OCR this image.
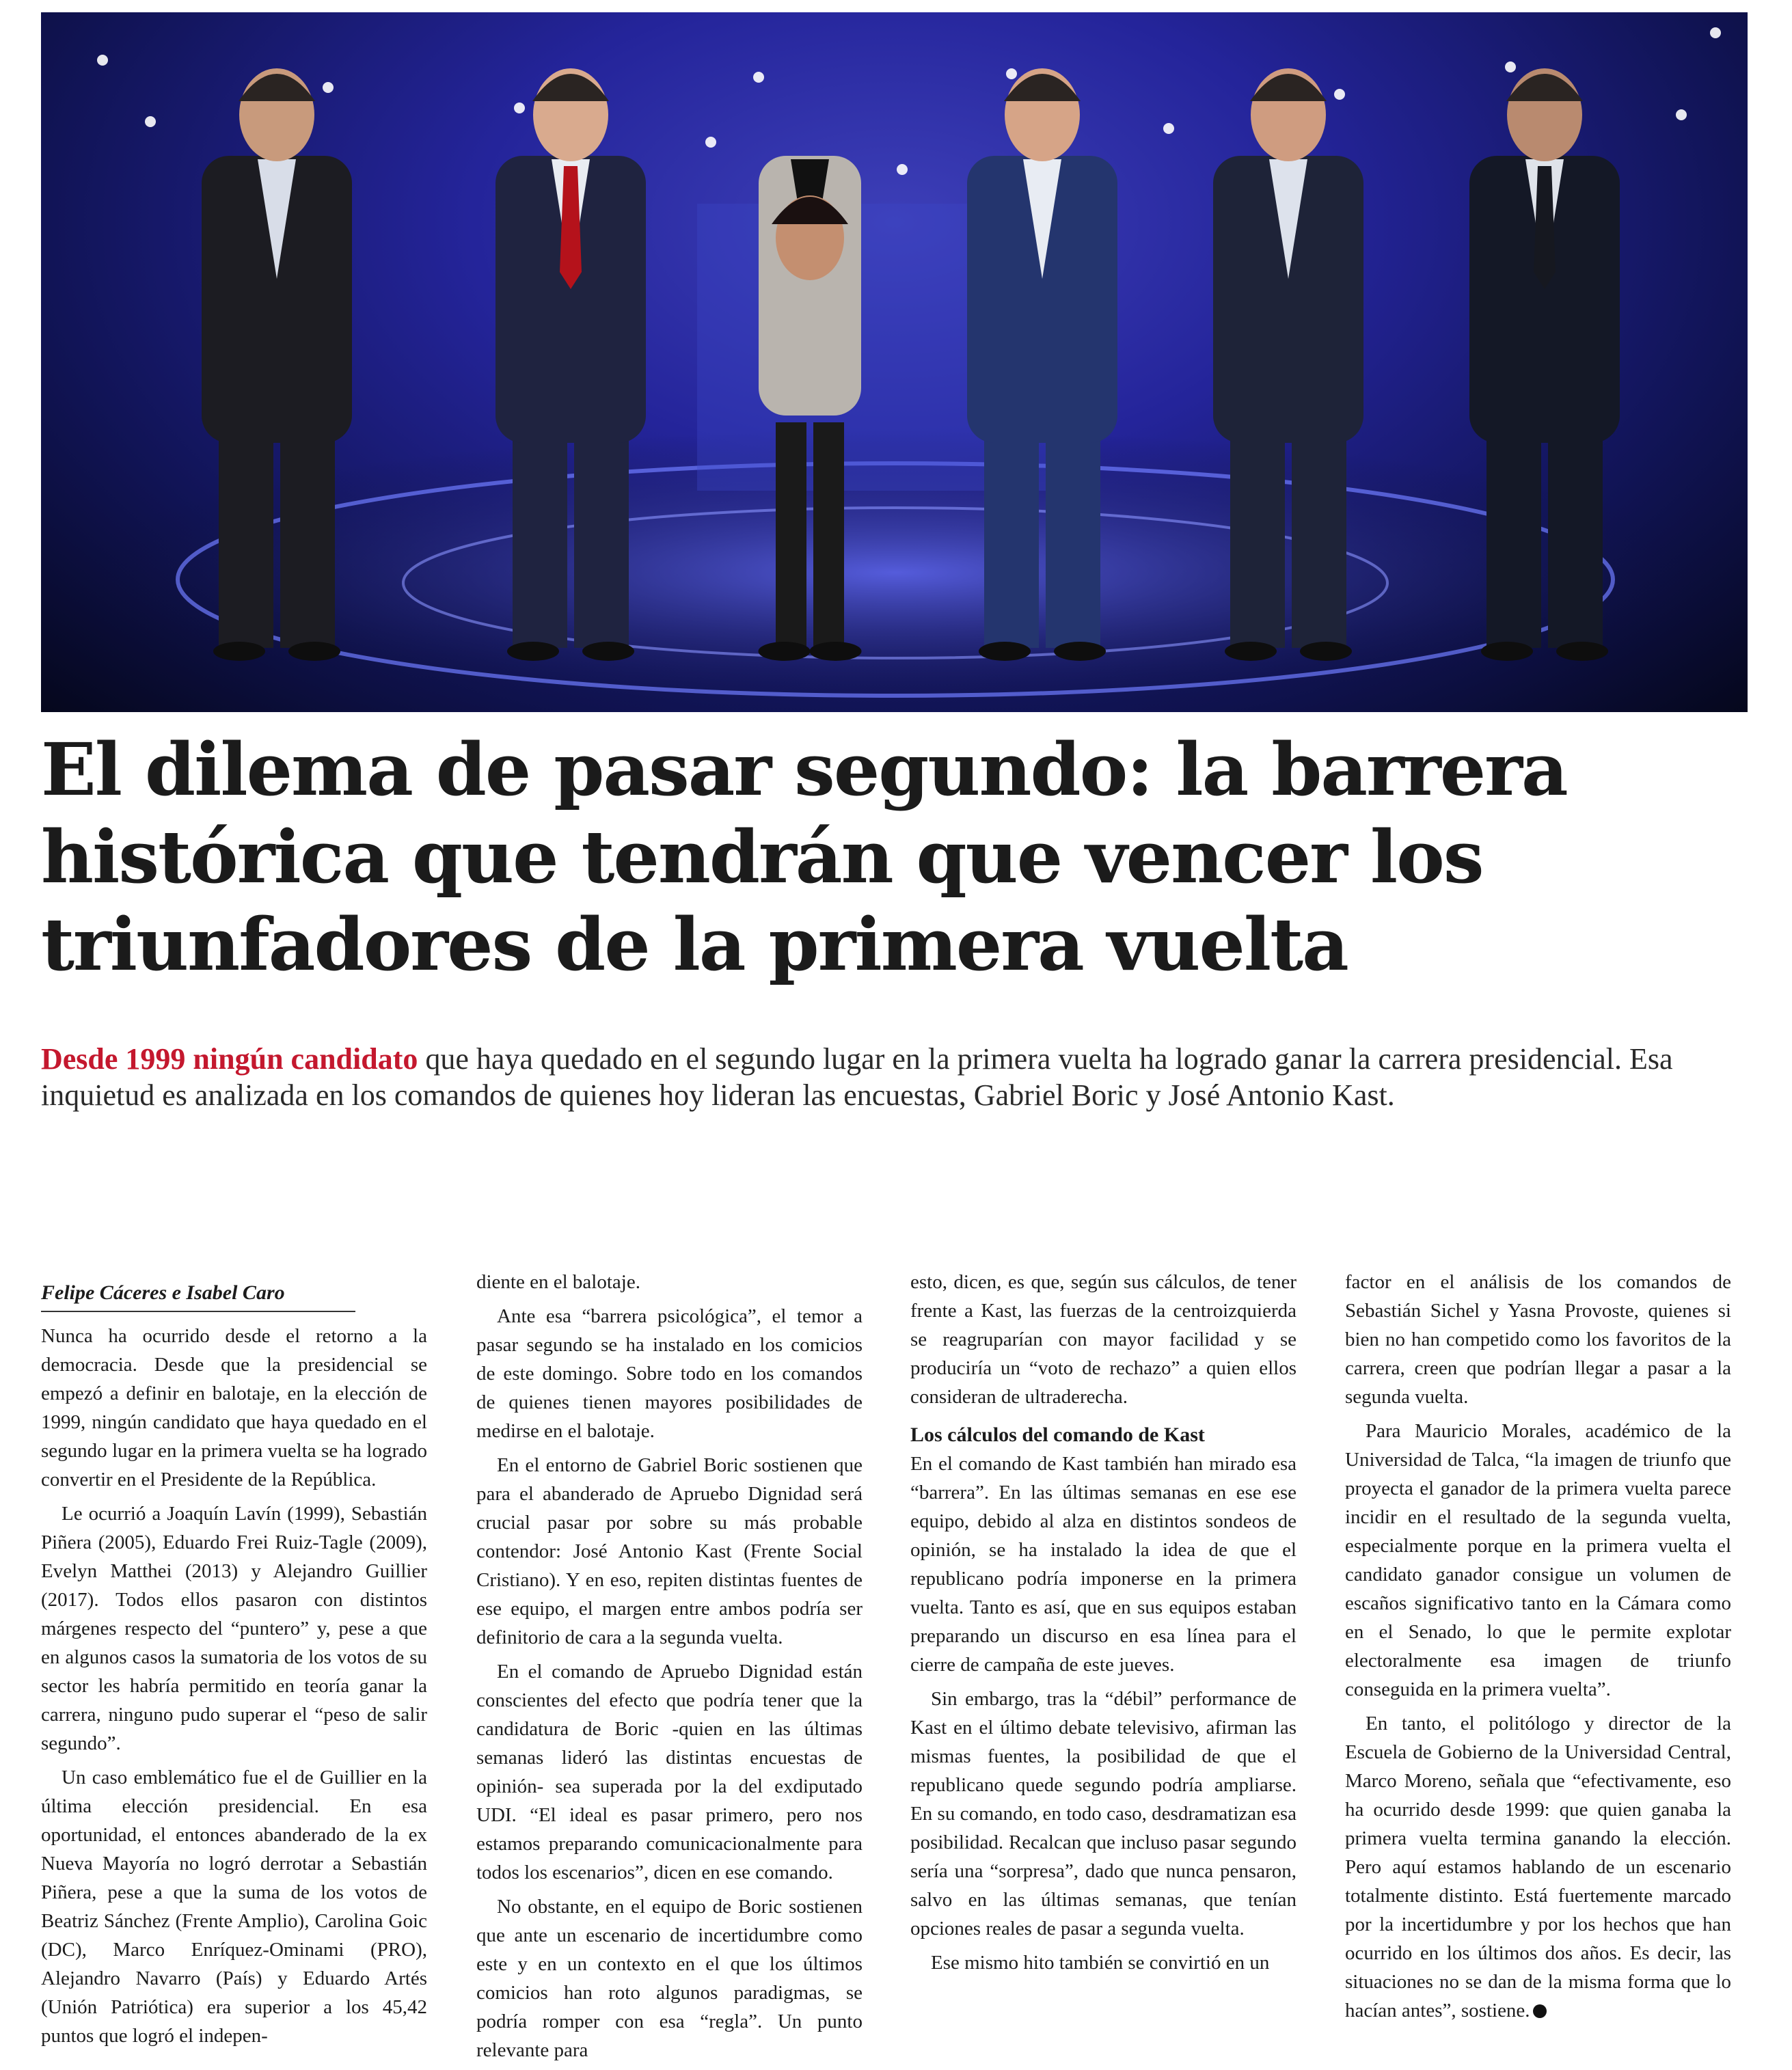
El dilema de pasar segundo: la barrera
histórica que tendrán que vencer los
triunfadores de la primera vuelta

Desde 1999 ningún candidato que haya quedado en el segundo lugar en la primera vuelta ha logrado ganar la carrera presidencial. Esa inquietud es analizada en los comandos de quienes hoy lideran las encuestas, Gabriel Boric y José Antonio Kast.

Felipe Cáceres e Isabel Caro

Nunca ha ocurrido desde el retorno a la democracia. Desde que la presidencial se empezó a definir en balotaje, en la elección de 1999, ningún candidato que haya quedado en el segundo lugar en la primera vuelta se ha logrado convertir en el Presidente de la República.

Le ocurrió a Joaquín Lavín (1999), Sebastián Piñera (2005), Eduardo Frei Ruiz-Tagle (2009), Evelyn Matthei (2013) y Alejandro Guillier (2017). Todos ellos pasaron con distintos márgenes respecto del “puntero” y, pese a que en algunos casos la sumatoria de los votos de su sector les habría permitido en teoría ganar la carrera, ninguno pudo superar el “peso de salir segundo”.

Un caso emblemático fue el de Guillier en la última elección presidencial. En esa oportunidad, el entonces abanderado de la ex Nueva Mayoría no logró derrotar a Sebastián Piñera, pese a que la suma de los votos de Beatriz Sánchez (Frente Amplio), Carolina Goic (DC), Marco Enríquez-Ominami (PRO), Alejandro Navarro (País) y Eduardo Artés (Unión Patriótica) era superior a los 45,42 puntos que logró el indepen-

diente en el balotaje.

Ante esa “barrera psicológica”, el temor a pasar segundo se ha instalado en los comicios de este domingo. Sobre todo en los comandos de quienes tienen mayores posibilidades de medirse en el balotaje.

En el entorno de Gabriel Boric sostienen que para el abanderado de Apruebo Dignidad será crucial pasar por sobre su más probable contendor: José Antonio Kast (Frente Social Cristiano). Y en eso, repiten distintas fuentes de ese equipo, el margen entre ambos podría ser definitorio de cara a la segunda vuelta.

En el comando de Apruebo Dignidad están conscientes del efecto que podría tener que la candidatura de Boric -quien en las últimas semanas lideró las distintas encuestas de opinión- sea superada por la del exdiputado UDI. “El ideal es pasar primero, pero nos estamos preparando comunicacionalmente para todos los escenarios”, dicen en ese comando.

No obstante, en el equipo de Boric sostienen que ante un escenario de incertidumbre como este y en un contexto en el que los últimos comicios han roto algunos paradigmas, se podría romper con esa “regla”. Un punto relevante para

esto, dicen, es que, según sus cálculos, de tener frente a Kast, las fuerzas de la centroizquierda se reagruparían con mayor facilidad y se produciría un “voto de rechazo” a quien ellos consideran de ultraderecha.

Los cálculos del comando de Kast

En el comando de Kast también han mirado esa “barrera”. En las últimas semanas en ese ese equipo, debido al alza en distintos sondeos de opinión, se ha instalado la idea de que el republicano podría imponerse en la primera vuelta. Tanto es así, que en sus equipos estaban preparando un discurso en esa línea para el cierre de campaña de este jueves.

Sin embargo, tras la “débil” performance de Kast en el último debate televisivo, afirman las mismas fuentes, la posibilidad de que el republicano quede segundo podría ampliarse. En su comando, en todo caso, desdramatizan esa posibilidad. Recalcan que incluso pasar segundo sería una “sorpresa”, dado que nunca pensaron, salvo en las últimas semanas, que tenían opciones reales de pasar a segunda vuelta.

Ese mismo hito también se convirtió en un

factor en el análisis de los comandos de Sebastián Sichel y Yasna Provoste, quienes si bien no han competido como los favoritos de la carrera, creen que podrían llegar a pasar a la segunda vuelta.

Para Mauricio Morales, académico de la Universidad de Talca, “la imagen de triunfo que proyecta el ganador de la primera vuelta parece incidir en el resultado de la segunda vuelta, especialmente porque en la primera vuelta el candidato ganador consigue un volumen de escaños significativo tanto en la Cámara como en el Senado, lo que le permite explotar electoralmente esa imagen de triunfo conseguida en la primera vuelta”.

En tanto, el politólogo y director de la Escuela de Gobierno de la Universidad Central, Marco Moreno, señala que “efectivamente, eso ha ocurrido desde 1999: que quien ganaba la primera vuelta termina ganando la elección. Pero aquí estamos hablando de un escenario totalmente distinto. Está fuertemente marcado por la incertidumbre y por los hechos que han ocurrido en los últimos dos años. Es decir, las situaciones no se dan de la misma forma que lo hacían antes”, sostiene.
